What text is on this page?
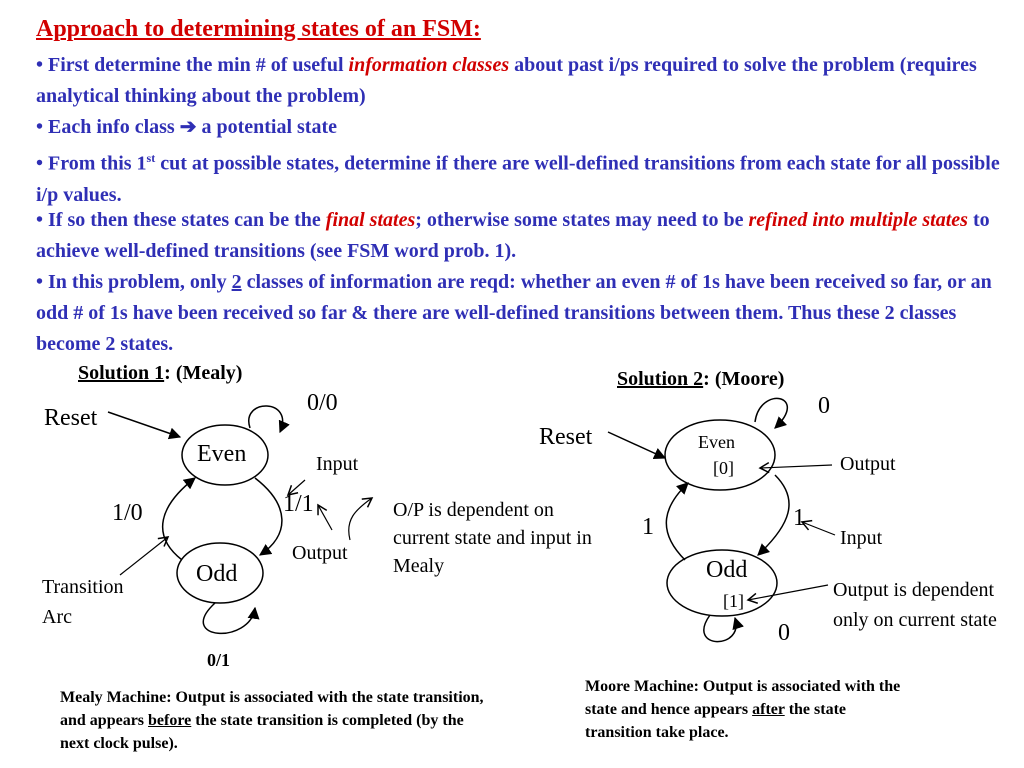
Approach to determining states of an FSM:
• First determine the min # of useful information classes about past i/ps required to solve the problem (requires analytical thinking about the problem)
• Each info class ➔ a potential state
• From this 1st cut at possible states, determine if there are well-defined transitions from each state for all possible i/p values.
• If so then these states can be the final states; otherwise some states may need to be refined into multiple states to achieve well-defined transitions (see FSM word prob. 1).
• In this problem, only 2 classes of information are reqd: whether an even # of 1s have been received so far, or an odd # of 1s have been received so far & there are well-defined transitions between them. Thus these 2 classes become 2 states.
Solution 1: (Mealy)
Reset
Even
Odd
0/0
1/0	1/1
0/1
Input
Output
Transition Arc
O/P is dependent on current state and input in Mealy
Mealy Machine: Output is associated with the state transition, and appears before the state transition is completed (by the next clock pulse).
Solution 2: (Moore)
Reset	Even
[0]
Odd
[1]
0
1	1
0
Output
Input
Output is dependent only on current state
Moore Machine: Output is associated with the state and hence appears after the state transition take place.
